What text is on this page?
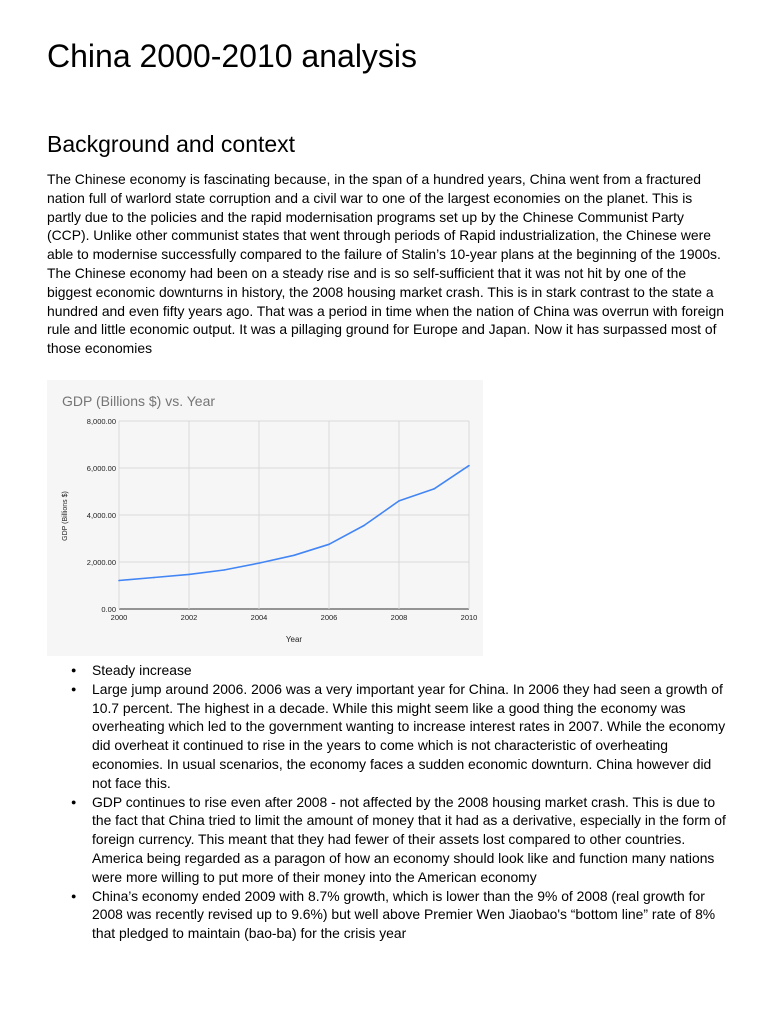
China 2000-2010 analysis
Background and context

The Chinese economy is fascinating because, in the span of a hundred years, China went from a fractured nation full of warlord state corruption and a civil war to one of the largest economies on the planet. This is partly due to the policies and the rapid modernisation programs set up by the Chinese Communist Party (CCP). Unlike other communist states that went through periods of Rapid industrialization, the Chinese were able to modernise successfully compared to the failure of Stalin’s 10-year plans at the beginning of the 1900s. The Chinese economy had been on a steady rise and is so self-sufficient that it was not hit by one of the biggest economic downturns in history, the 2008 housing market crash. This is in stark contrast to the state a hundred and even fifty years ago. That was a period in time when the nation of China was overrun with foreign rule and little economic output. It was a pillaging ground for Europe and Japan. Now it has surpassed most of those economies

GDP (Billions $) vs. Year
0.00
2,000.00
4,000.00
6,000.00
8,000.00
2000	2002	2004	2006	2008	2010
Year
GDP (Billions $)
● Steady increase
● Large jump around 2006. 2006 was a very important year for China. In 2006 they had seen a growth of 10.7 percent. The highest in a decade. While this might seem like a good thing the economy was overheating which led to the government wanting to increase interest rates in 2007. While the economy did overheat it continued to rise in the years to come which is not characteristic of overheating economies. In usual scenarios, the economy faces a sudden economic downturn. China however did not face this.
● GDP continues to rise even after 2008 - not affected by the 2008 housing market crash. This is due to the fact that China tried to limit the amount of money that it had as a derivative, especially in the form of foreign currency. This meant that they had fewer of their assets lost compared to other countries. America being regarded as a paragon of how an economy should look like and function many nations were more willing to put more of their money into the American economy
● China’s economy ended 2009 with 8.7% growth, which is lower than the 9% of 2008 (real growth for 2008 was recently revised up to 9.6%) but well above Premier Wen Jiaobao's “bottom line” rate of 8% that pledged to maintain (bao-ba) for the crisis year
